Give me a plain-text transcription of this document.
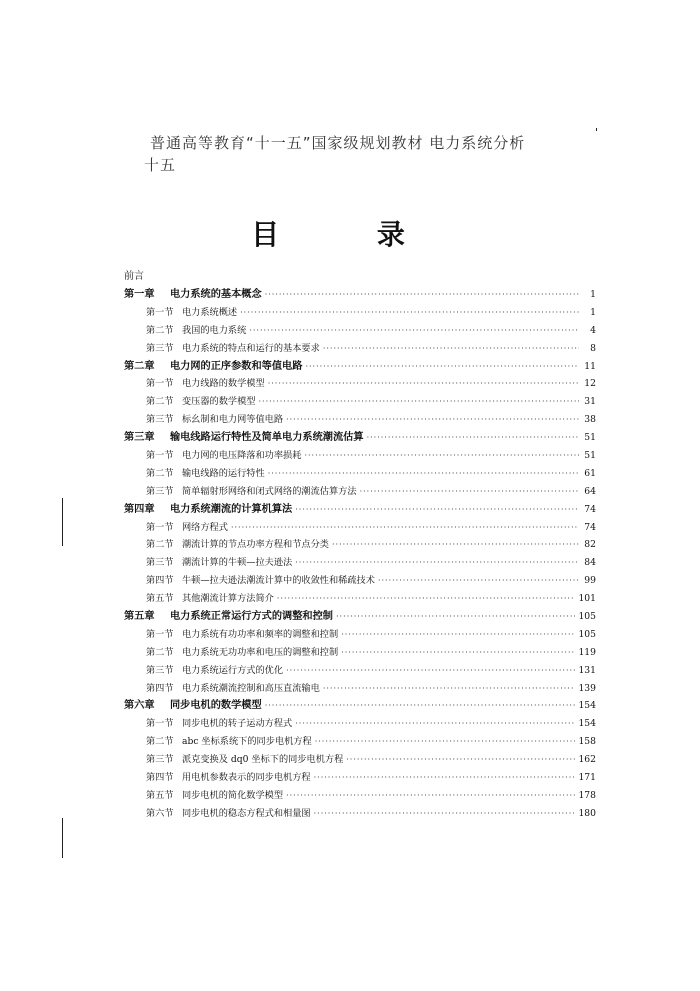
普通高等教育“十一五”国家级规划教材 电力系统分析
十五
目 录
前言
第一章 电力系统的基本概念 ·····	1
第一节 电力系统概述 ·····	1
第二节 我国的电力系统 ·····	4
第三节 电力系统的特点和运行的基本要求 ·····	8
第二章 电力网的正序参数和等值电路 ·····	11
第一节 电力线路的数学模型 ·····	12
第二节 变压器的数学模型 ·····	31
第三节 标幺制和电力网等值电路 ·····	38
第三章 输电线路运行特性及简单电力系统潮流估算 ·····	51
第一节 电力网的电压降落和功率损耗 ·····	51
第二节 输电线路的运行特性 ·····	61
第三节 简单辐射形网络和闭式网络的潮流估算方法 ·····	64
第四章 电力系统潮流的计算机算法 ·····	74
第一节 网络方程式 ·····	74
第二节 潮流计算的节点功率方程和节点分类 ·····	82
第三节 潮流计算的牛顿—拉夫逊法 ·····	84
第四节 牛顿—拉夫逊法潮流计算中的收敛性和稀疏技术 ·····	99
第五节 其他潮流计算方法简介 ·····	101
第五章 电力系统正常运行方式的调整和控制 ·····	105
第一节 电力系统有功功率和频率的调整和控制 ·····	105
第二节 电力系统无功功率和电压的调整和控制 ·····	119
第三节 电力系统运行方式的优化 ·····	131
第四节 电力系统潮流控制和高压直流输电 ·····	139
第六章 同步电机的数学模型 ·····	154
第一节 同步电机的转子运动方程式 ·····	154
第二节 abc 坐标系统下的同步电机方程 ·····	158
第三节 派克变换及 dq0 坐标下的同步电机方程 ·····	162
第四节 用电机参数表示的同步电机方程 ·····	171
第五节 同步电机的简化数学模型 ·····	178
第六节 同步电机的稳态方程式和相量图 ·····	180
